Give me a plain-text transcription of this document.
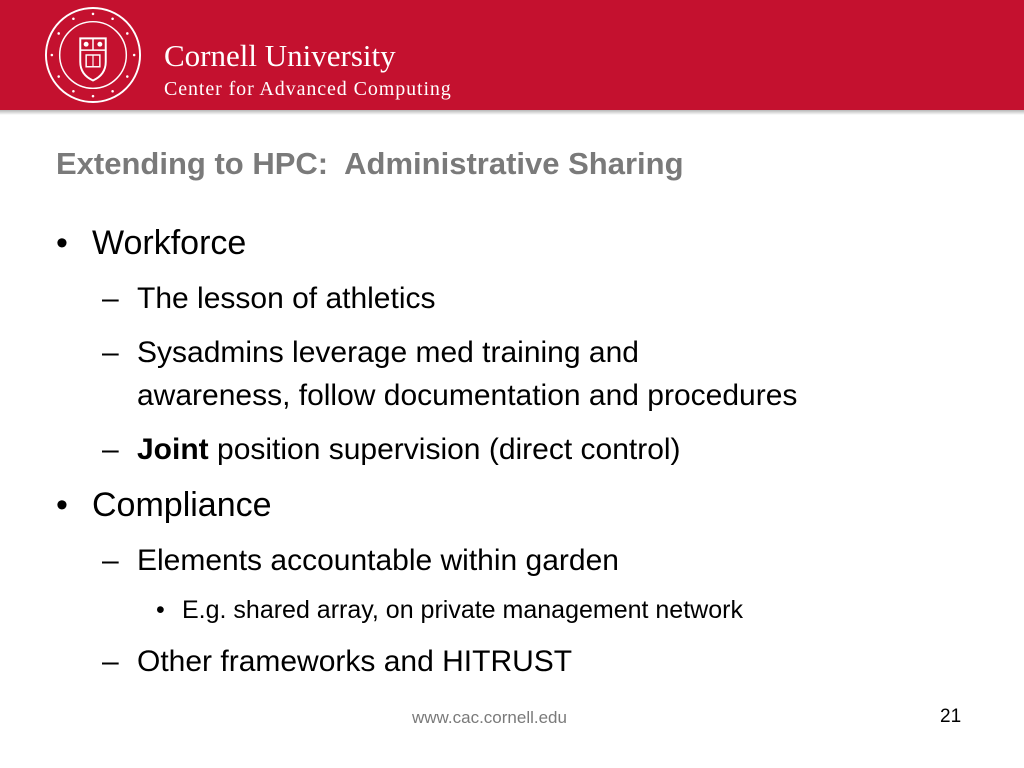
Cornell University
Center for Advanced Computing
Extending to HPC:  Administrative Sharing
• Workforce
– The lesson of athletics
– Sysadmins leverage med training and
awareness, follow documentation and procedures
– Joint position supervision (direct control)
• Compliance
– Elements accountable within garden
• E.g. shared array, on private management network
– Other frameworks and HITRUST
www.cac.cornell.edu	21
